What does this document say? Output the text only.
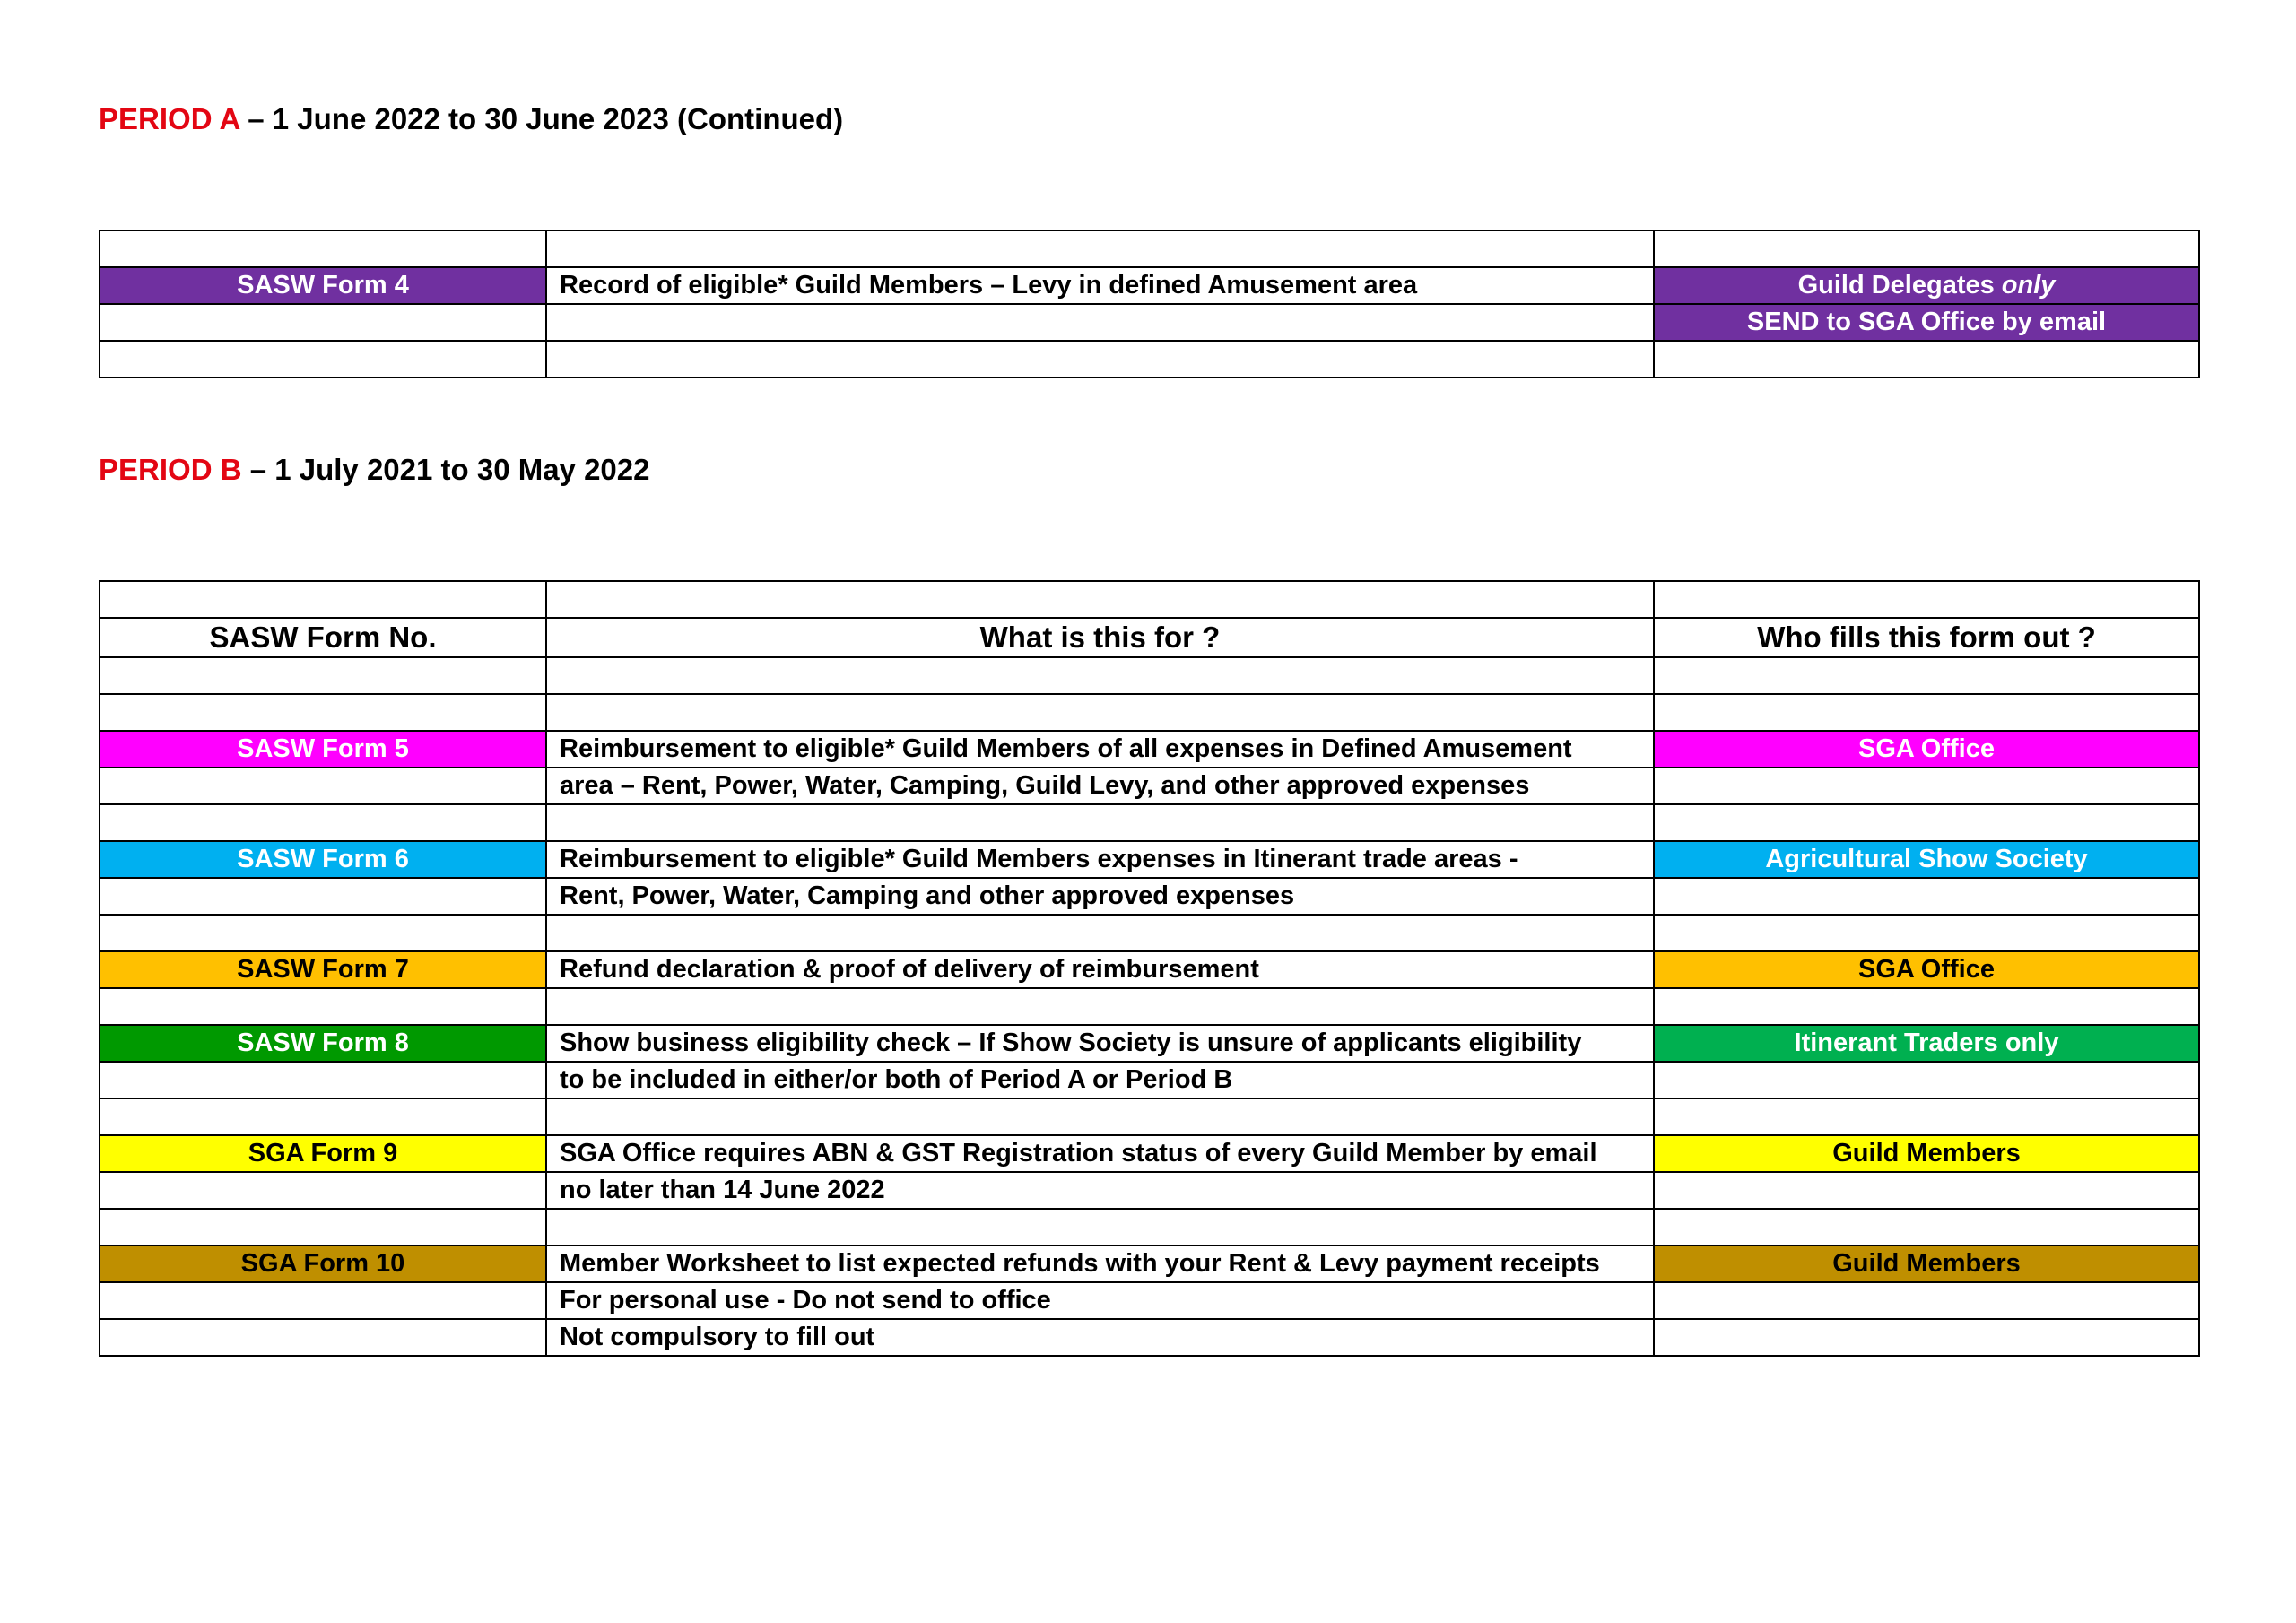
PERIOD A – 1 June 2022 to 30 June 2023 (Continued)

SASW Form 4	Record of eligible* Guild Members – Levy in defined Amusement area	Guild Delegates only
		SEND to SGA Office by email

PERIOD B – 1 July 2021 to 30 May 2022

SASW Form No.	What is this for ?	Who fills this form out ?

SASW Form 5	Reimbursement to eligible* Guild Members of all expenses in Defined Amusement	SGA Office
	area – Rent, Power, Water, Camping, Guild Levy, and other approved expenses	

SASW Form 6	Reimbursement to eligible* Guild Members expenses in Itinerant trade areas -	Agricultural Show Society
	Rent, Power, Water, Camping and other approved expenses	

SASW Form 7	Refund declaration & proof of delivery of reimbursement	SGA Office

SASW Form 8	Show business eligibility check – If Show Society is unsure of applicants eligibility	Itinerant Traders only
	to be included in either/or both of Period A or Period B	

SGA Form 9	SGA Office requires ABN & GST Registration status of every Guild Member by email	Guild Members
	no later than 14 June 2022	

SGA Form 10	Member Worksheet to list expected refunds with your Rent & Levy payment receipts	Guild Members
	For personal use - Do not send to office	
	Not compulsory to fill out	
